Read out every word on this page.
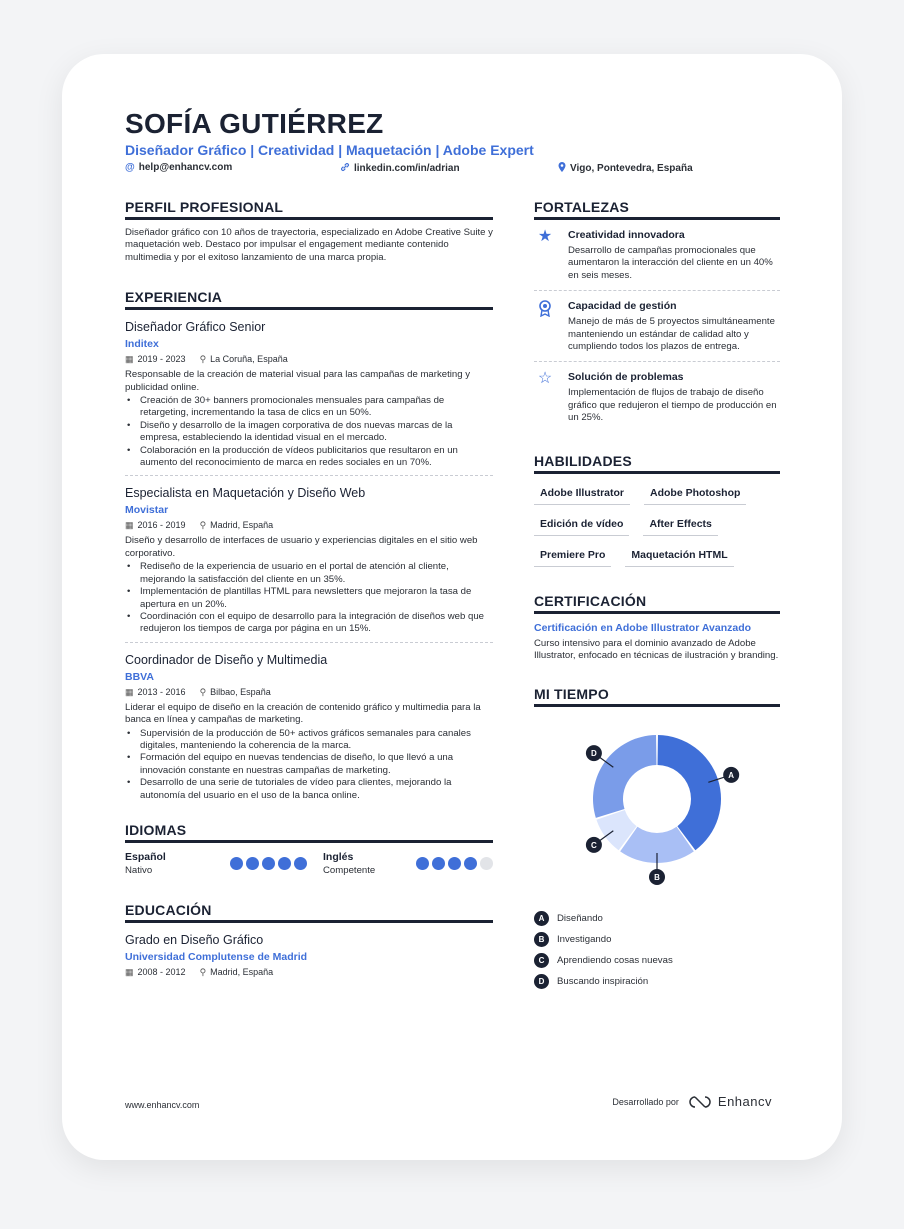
SOFÍA GUTIÉRREZ
Diseñador Gráfico | Creatividad | Maquetación | Adobe Expert
@ help@enhancv.com	linkedin.com/in/adrian	Vigo, Pontevedra, España
PERFIL PROFESIONAL
Diseñador gráfico con 10 años de trayectoria, especializado en Adobe Creative Suite y maquetación web. Destaco por impulsar el engagement mediante contenido multimedia y por el exitoso lanzamiento de una marca propia.
EXPERIENCIA
Diseñador Gráfico Senior
Inditex
▦ 2019 - 2023 ⚲ La Coruña, España
Responsable de la creación de material visual para las campañas de marketing y publicidad online.
• Creación de 30+ banners promocionales mensuales para campañas de retargeting, incrementando la tasa de clics en un 50%.
• Diseño y desarrollo de la imagen corporativa de dos nuevas marcas de la empresa, estableciendo la identidad visual en el mercado.
• Colaboración en la producción de vídeos publicitarios que resultaron en un aumento del reconocimiento de marca en redes sociales en un 70%.
Especialista en Maquetación y Diseño Web
Movistar
▦ 2016 - 2019 ⚲ Madrid, España
Diseño y desarrollo de interfaces de usuario y experiencias digitales en el sitio web corporativo.
• Rediseño de la experiencia de usuario en el portal de atención al cliente, mejorando la satisfacción del cliente en un 35%.
• Implementación de plantillas HTML para newsletters que mejoraron la tasa de apertura en un 20%.
• Coordinación con el equipo de desarrollo para la integración de diseños web que redujeron los tiempos de carga por página en un 15%.
Coordinador de Diseño y Multimedia
BBVA
▦ 2013 - 2016 ⚲ Bilbao, España
Liderar el equipo de diseño en la creación de contenido gráfico y multimedia para la banca en línea y campañas de marketing.
• Supervisión de la producción de 50+ activos gráficos semanales para canales digitales, manteniendo la coherencia de la marca.
• Formación del equipo en nuevas tendencias de diseño, lo que llevó a una innovación constante en nuestras campañas de marketing.
• Desarrollo de una serie de tutoriales de vídeo para clientes, mejorando la autonomía del usuario en el uso de la banca online.
IDIOMAS
Español
Nativo
Inglés
Competente
EDUCACIÓN
Grado en Diseño Gráfico
Universidad Complutense de Madrid
▦ 2008 - 2012 ⚲ Madrid, España
FORTALEZAS
★	Creatividad innovadora
Desarrollo de campañas promocionales que aumentaron la interacción del cliente en un 40% en seis meses.
Capacidad de gestión
Manejo de más de 5 proyectos simultáneamente manteniendo un estándar de calidad alto y cumpliendo todos los plazos de entrega.
☆	Solución de problemas
Implementación de flujos de trabajo de diseño gráfico que redujeron el tiempo de producción en un 25%.
HABILIDADES
Adobe Illustrator	Adobe Photoshop
Edición de vídeo	After Effects
Premiere Pro	Maquetación HTML
CERTIFICACIÓN
Certificación en Adobe Illustrator Avanzado
Curso intensivo para el dominio avanzado de Adobe Illustrator, enfocado en técnicas de ilustración y branding.
MI TIEMPO
A
B
C
D
A	Diseñando
B	Investigando
C	Aprendiendo cosas nuevas
D	Buscando inspiración
www.enhancv.com	Desarrollado por	Enhancv
